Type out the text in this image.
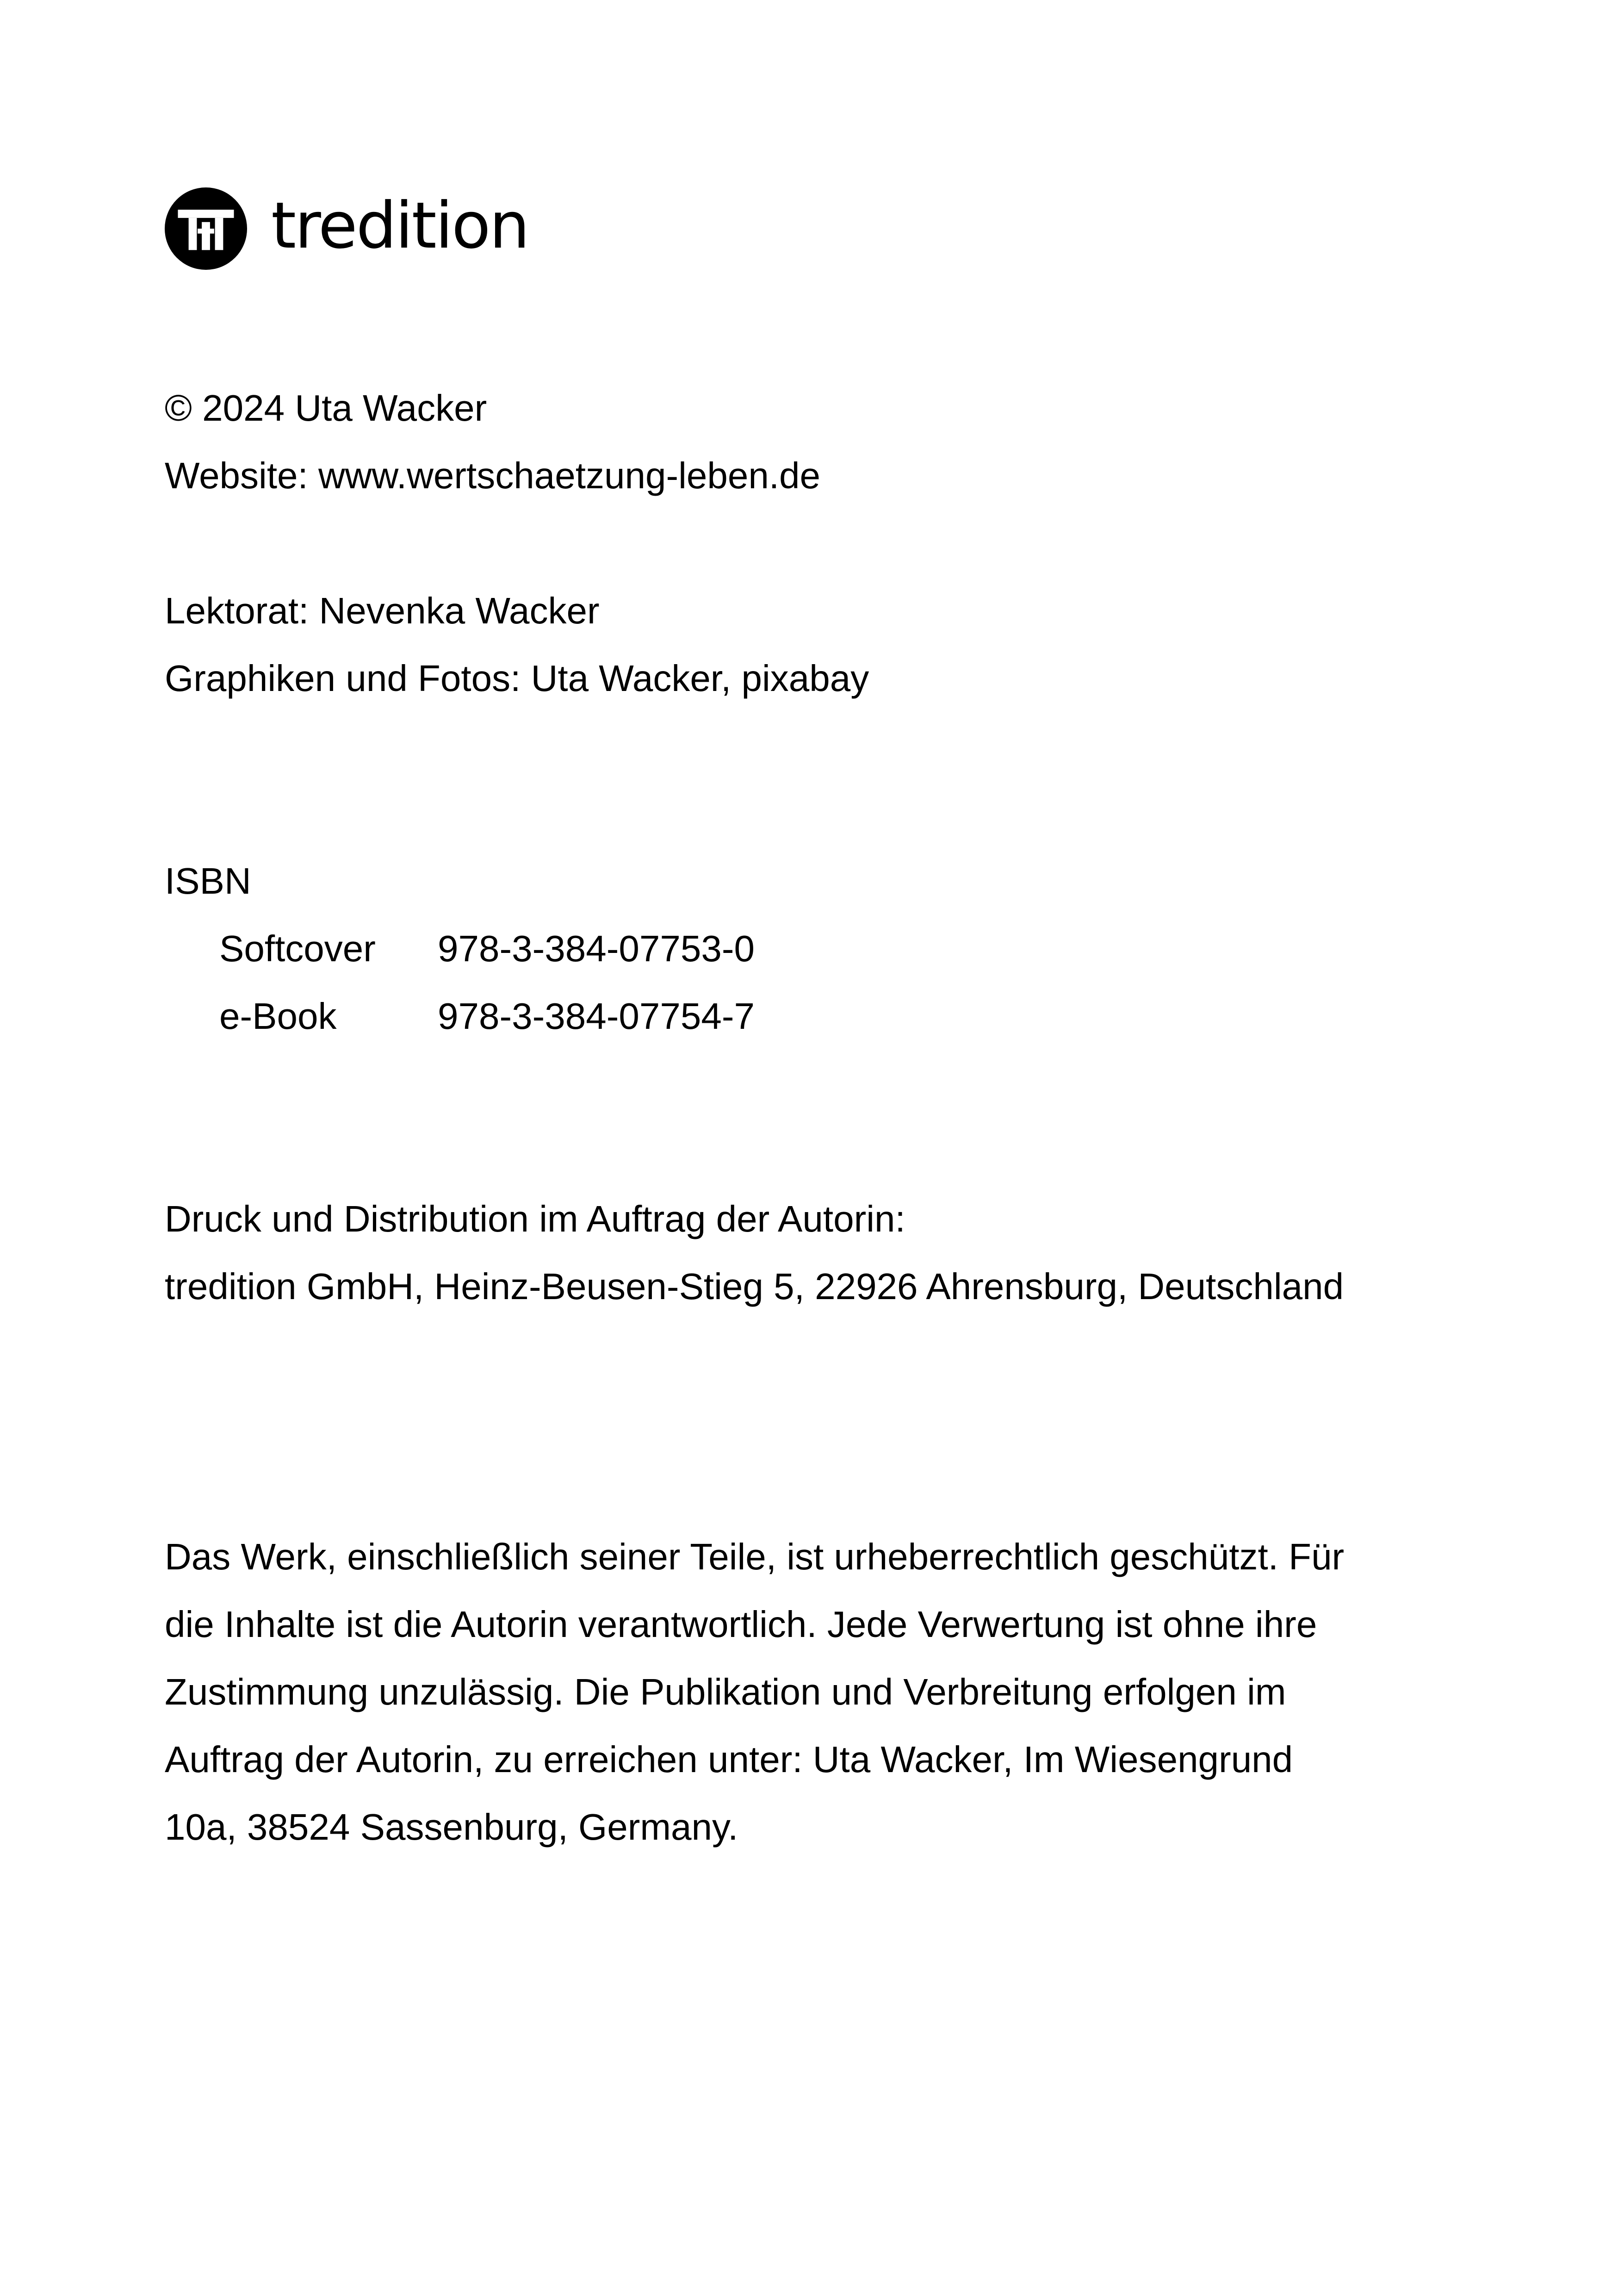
tredition
© 2024 Uta Wacker
Website: www.wertschaetzung-leben.de
Lektorat: Nevenka Wacker
Graphiken und Fotos: Uta Wacker, pixabay
ISBN
Softcover 978-3-384-07753-0
e-Book	978-3-384-07754-7
Druck und Distribution im Auftrag der Autorin:
tredition GmbH, Heinz-Beusen-Stieg 5, 22926 Ahrensburg, Deutschland
Das Werk, einschließlich seiner Teile, ist urheberrechtlich geschützt. Für
die Inhalte ist die Autorin verantwortlich. Jede Verwertung ist ohne ihre
Zustimmung unzulässig. Die Publikation und Verbreitung erfolgen im
Auftrag der Autorin, zu erreichen unter: Uta Wacker, Im Wiesengrund
10a, 38524 Sassenburg, Germany.
